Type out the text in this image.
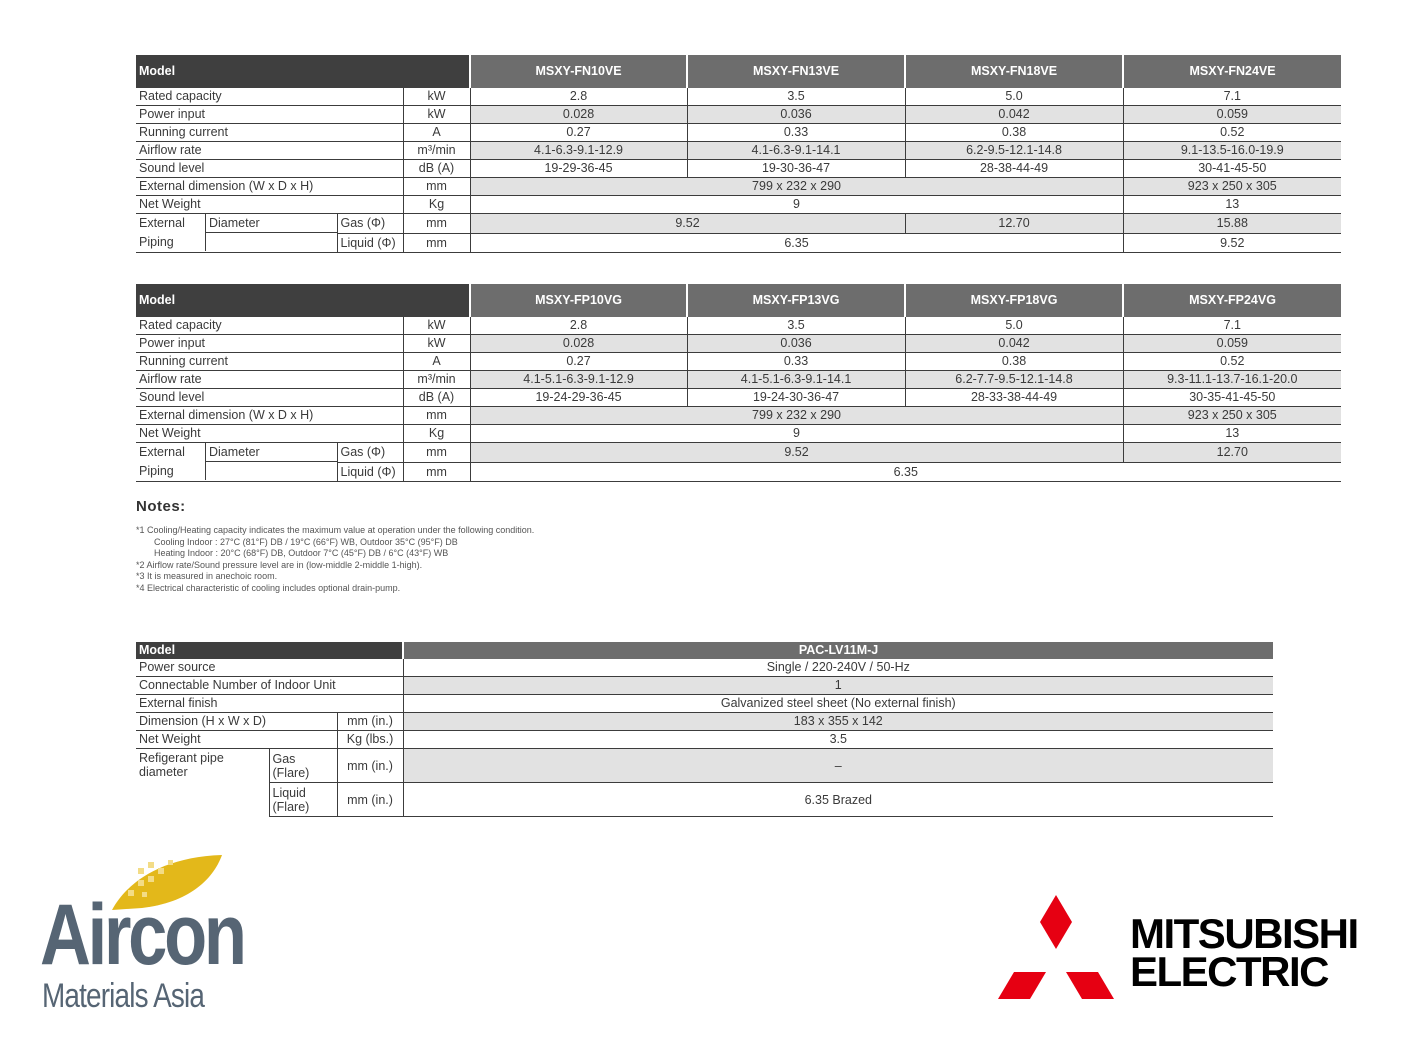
Model			MSXY-FN10VE	MSXY-FN13VE	MSXY-FN18VE	MSXY-FN24VE
Rated capacity		kW	2.8	3.5	5.0	7.1
Power input		kW	0.028	0.036	0.042	0.059
Running current		A	0.27	0.33	0.38	0.52
Airflow rate		m³/min	4.1-6.3-9.1-12.9	4.1-6.3-9.1-14.1	6.2-9.5-12.1-14.8	9.1-13.5-16.0-19.9
Sound level		dB (A)	19-29-36-45	19-30-36-47	28-38-44-49	30-41-45-50
External dimension (W x D x H)		mm	799 x 232 x 290			923 x 250 x 305
Net Weight		Kg	9			13

External Diameter	Gas (Φ)	mm	9.52		12.70	15.88

Piping	Liquid (Φ)	mm	6.35			9.52
Model			MSXY-FP10VG	MSXY-FP13VG	MSXY-FP18VG	MSXY-FP24VG
Rated capacity		kW	2.8	3.5	5.0	7.1
Power input		kW	0.028	0.036	0.042	0.059
Running current		A	0.27	0.33	0.38	0.52
Airflow rate		m³/min	4.1-5.1-6.3-9.1-12.9	4.1-5.1-6.3-9.1-14.1	6.2-7.7-9.5-12.1-14.8	9.3-11.1-13.7-16.1-20.0
Sound level		dB (A)	19-24-29-36-45	19-24-30-36-47	28-33-38-44-49	30-35-41-45-50
External dimension (W x D x H)		mm	799 x 232 x 290			923 x 250 x 305
Net Weight		Kg	9			13

External Diameter	Gas (Φ)	mm	9.52			12.70

Piping	Liquid (Φ)	mm	6.35			
Notes:
*1 Cooling/Heating capacity indicates the maximum value at operation under the following condition.
Cooling Indoor : 27°C (81°F) DB / 19°C (66°F) WB, Outdoor 35°C (95°F) DB
Heating Indoor : 20°C (68°F) DB, Outdoor 7°C (45°F) DB / 6°C (43°F) WB
*2 Airflow rate/Sound pressure level are in (low-middle 2-middle 1-high).
*3 It is measured in anechoic room.
*4 Electrical characteristic of cooling includes optional drain-pump.
Model			PAC-LV11M-J
Power source			Single / 220-240V / 50-Hz
Connectable Number of Indoor Unit			1
External finish			Galvanized steel sheet (No external finish)
Dimension (H x W x D)		mm (in.)	183 x 355 x 142
Net Weight		Kg (lbs.)	3.5
Refigerant pipe diameter	Gas (Flare)	mm (in.)	–
	Liquid (Flare)	mm (in.)	6.35 Brazed
Aircon
Materials Asia
MITSUBISHI
ELECTRIC
